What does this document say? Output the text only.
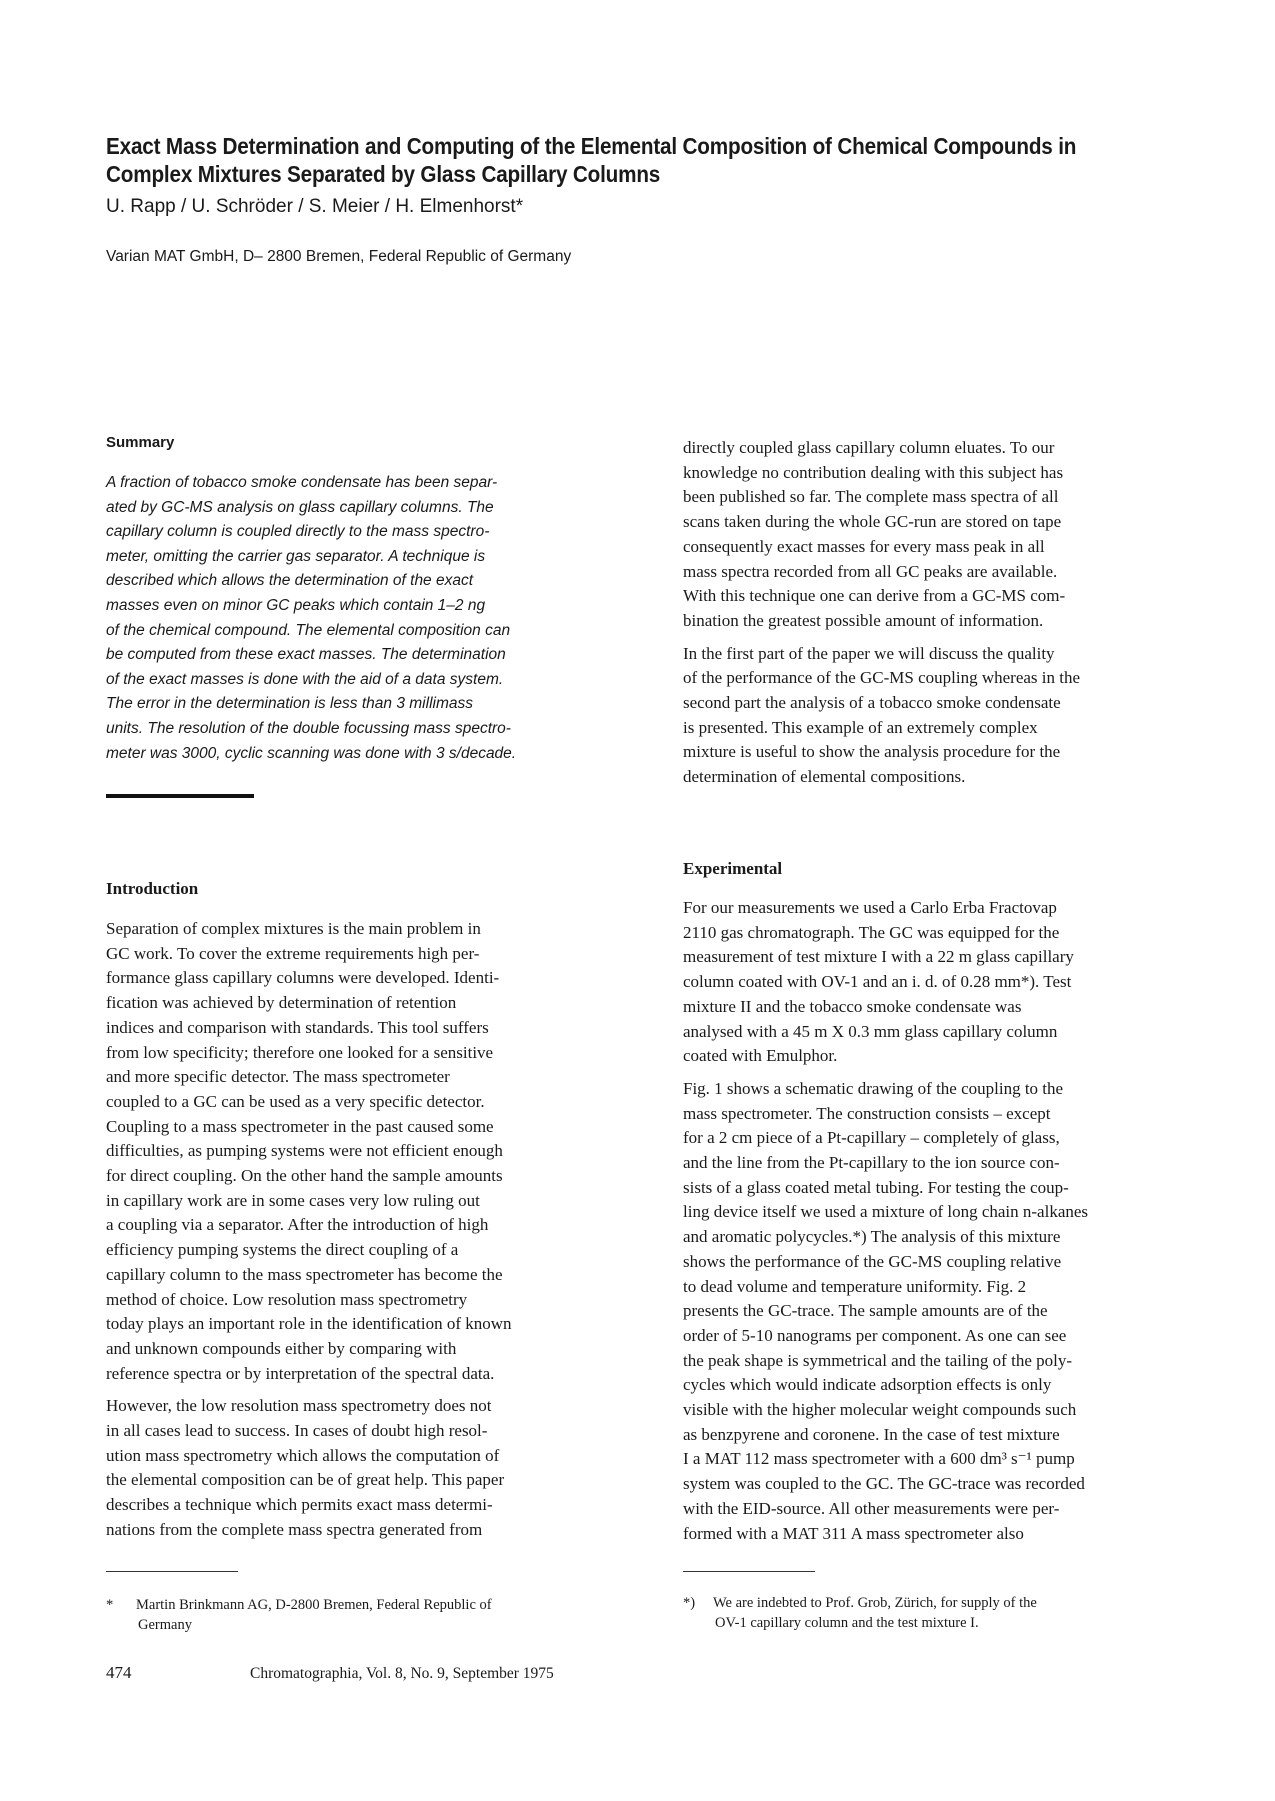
Exact Mass Determination and Computing of the Elemental Composition of Chemical Compounds in
Complex Mixtures Separated by Glass Capillary Columns
U. Rapp / U. Schröder / S. Meier / H. Elmenhorst*
Varian MAT GmbH, D– 2800 Bremen, Federal Republic of Germany
Summary
A fraction of tobacco smoke condensate has been separ-
ated by GC-MS analysis on glass capillary columns. The
capillary column is coupled directly to the mass spectro-
meter, omitting the carrier gas separator. A technique is
described which allows the determination of the exact
masses even on minor GC peaks which contain 1–2 ng
of the chemical compound. The elemental composition can
be computed from these exact masses. The determination
of the exact masses is done with the aid of a data system.
The error in the determination is less than 3 millimass
units. The resolution of the double focussing mass spectro-
meter was 3000, cyclic scanning was done with 3 s/decade.
Introduction
Separation of complex mixtures is the main problem in
GC work. To cover the extreme requirements high per-
formance glass capillary columns were developed. Identi-
fication was achieved by determination of retention
indices and comparison with standards. This tool suffers
from low specificity; therefore one looked for a sensitive
and more specific detector. The mass spectrometer
coupled to a GC can be used as a very specific detector.
Coupling to a mass spectrometer in the past caused some
difficulties, as pumping systems were not efficient enough
for direct coupling. On the other hand the sample amounts
in capillary work are in some cases very low ruling out
a coupling via a separator. After the introduction of high
efficiency pumping systems the direct coupling of a
capillary column to the mass spectrometer has become the
method of choice. Low resolution mass spectrometry
today plays an important role in the identification of known
and unknown compounds either by comparing with
reference spectra or by interpretation of the spectral data.
However, the low resolution mass spectrometry does not
in all cases lead to success. In cases of doubt high resol-
ution mass spectrometry which allows the computation of
the elemental composition can be of great help. This paper
describes a technique which permits exact mass determi-
nations from the complete mass spectra generated from
directly coupled glass capillary column eluates. To our
knowledge no contribution dealing with this subject has
been published so far. The complete mass spectra of all
scans taken during the whole GC-run are stored on tape
consequently exact masses for every mass peak in all
mass spectra recorded from all GC peaks are available.
With this technique one can derive from a GC-MS com-
bination the greatest possible amount of information.
In the first part of the paper we will discuss the quality
of the performance of the GC-MS coupling whereas in the
second part the analysis of a tobacco smoke condensate
is presented. This example of an extremely complex
mixture is useful to show the analysis procedure for the
determination of elemental compositions.
Experimental
For our measurements we used a Carlo Erba Fractovap
2110 gas chromatograph. The GC was equipped for the
measurement of test mixture I with a 22 m glass capillary
column coated with OV-1 and an i. d. of 0.28 mm*). Test
mixture II and the tobacco smoke condensate was
analysed with a 45 m X 0.3 mm glass capillary column
coated with Emulphor.
Fig. 1 shows a schematic drawing of the coupling to the
mass spectrometer. The construction consists – except
for a 2 cm piece of a Pt-capillary – completely of glass,
and the line from the Pt-capillary to the ion source con-
sists of a glass coated metal tubing. For testing the coup-
ling device itself we used a mixture of long chain n-alkanes
and aromatic polycycles.*) The analysis of this mixture
shows the performance of the GC-MS coupling relative
to dead volume and temperature uniformity. Fig. 2
presents the GC-trace. The sample amounts are of the
order of 5-10 nanograms per component. As one can see
the peak shape is symmetrical and the tailing of the poly-
cycles which would indicate adsorption effects is only
visible with the higher molecular weight compounds such
as benzpyrene and coronene. In the case of test mixture
I a MAT 112 mass spectrometer with a 600 dm³ s⁻¹ pump
system was coupled to the GC. The GC-trace was recorded
with the EID-source. All other measurements were per-
formed with a MAT 311 A mass spectrometer also
* Martin Brinkmann AG, D-2800 Bremen, Federal Republic of
Germany
*) We are indebted to Prof. Grob, Zürich, for supply of the
OV-1 capillary column and the test mixture I.
474	Chromatographia, Vol. 8, No. 9, September 1975
